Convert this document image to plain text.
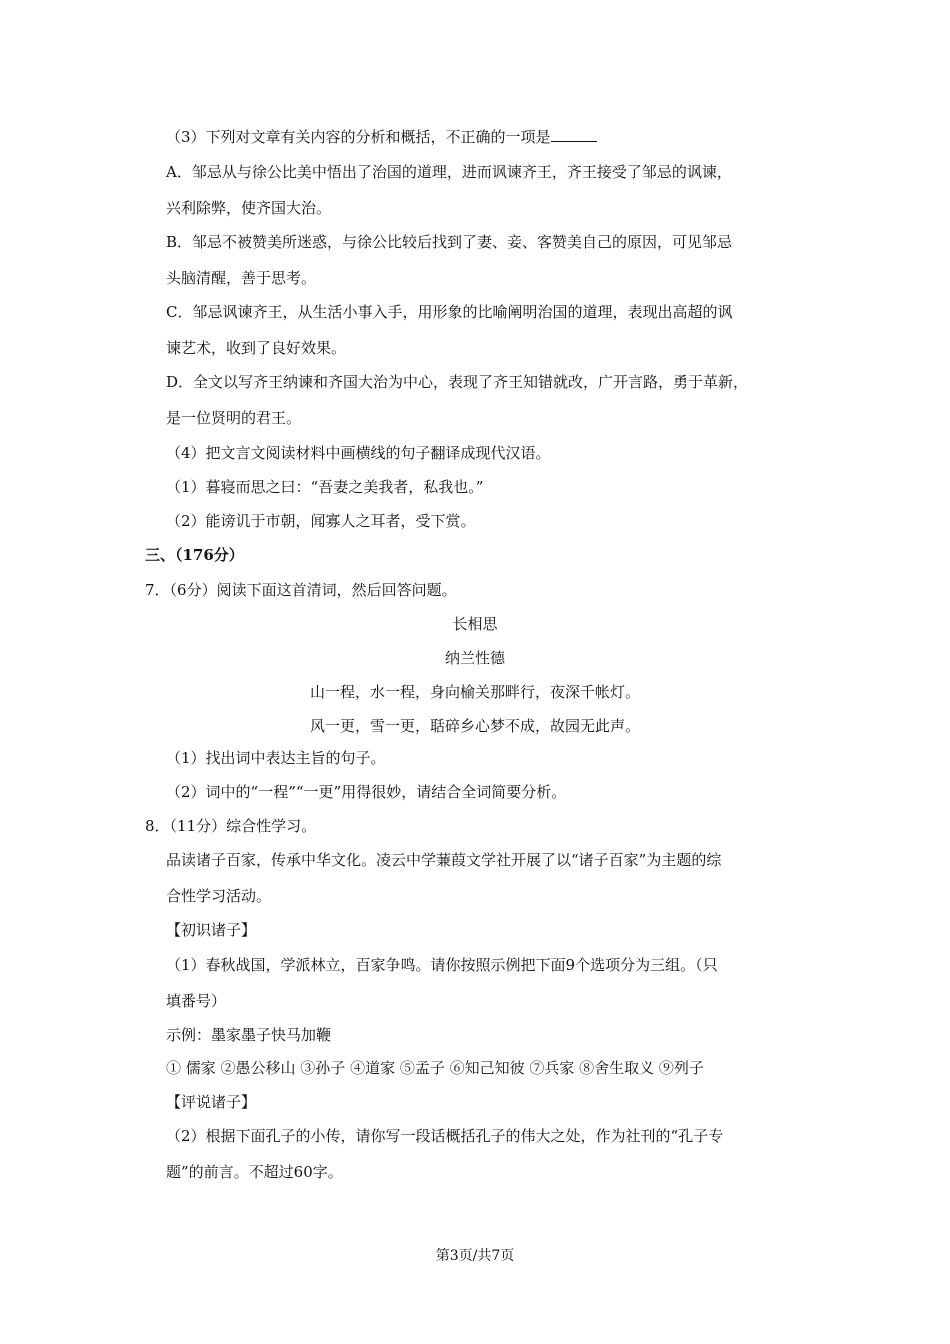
（3）下列对文章有关内容的分析和概括，不正确的一项是
A．邹忌从与徐公比美中悟出了治国的道理，进而讽谏齐王，齐王接受了邹忌的讽谏，
兴利除弊，使齐国大治。
B．邹忌不被赞美所迷惑，与徐公比较后找到了妻、妾、客赞美自己的原因，可见邹忌
头脑清醒，善于思考。
C．邹忌讽谏齐王，从生活小事入手，用形象的比喻阐明治国的道理，表现出高超的讽
谏艺术，收到了良好效果。
D．全文以写齐王纳谏和齐国大治为中心，表现了齐王知错就改，广开言路，勇于革新，
是一位贤明的君王。
（4）把文言文阅读材料中画横线的句子翻译成现代汉语。
（1）暮寝而思之曰：“吾妻之美我者，私我也。”
（2）能谤讥于市朝，闻寡人之耳者，受下赏。
三、（176分）
7．（6分）阅读下面这首清词，然后回答问题。
长相思
纳兰性德
山一程，水一程，身向榆关那畔行，夜深千帐灯。
风一更，雪一更，聒碎乡心梦不成，故园无此声。
（1）找出词中表达主旨的句子。
（2）词中的“一程”“一更”用得很妙，请结合全词简要分析。
8．（11分）综合性学习。
品读诸子百家，传承中华文化。凌云中学蒹葭文学社开展了以“诸子百家”为主题的综
合性学习活动。
【初识诸子】
（1）春秋战国，学派林立，百家争鸣。请你按照示例把下面9个选项分为三组。（只
填番号）
示例：墨家墨子快马加鞭
① 儒家 ②愚公移山 ③孙子 ④道家 ⑤孟子 ⑥知己知彼 ⑦兵家 ⑧舍生取义 ⑨列子
【评说诸子】
（2）根据下面孔子的小传，请你写一段话概括孔子的伟大之处，作为社刊的“孔子专
题”的前言。不超过60字。
第3页/共7页
